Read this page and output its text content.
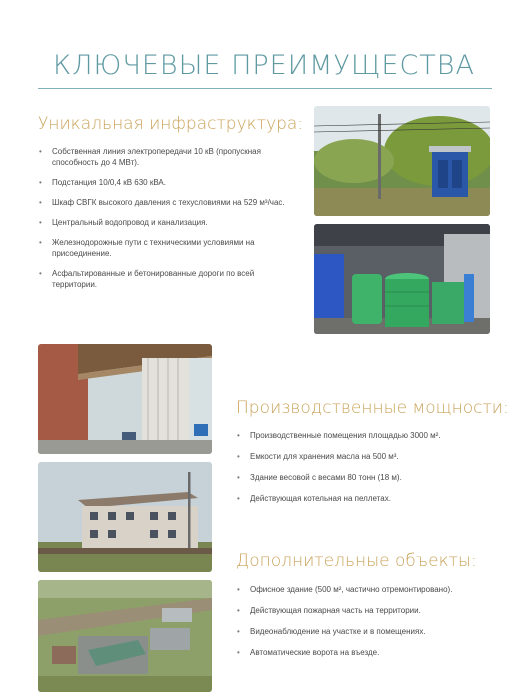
КЛЮЧЕВЫЕ ПРЕИМУЩЕСТВА
Уникальная инфраструктура:
• Собственная линия электропередачи 10 кВ (пропускная способность до 4 МВт).
• Подстанция 10/0,4 кВ 630 кВА.
• Шкаф СВГК высокого давления с техусловиями на 529 м³/час.
• Центральный водопровод и канализация.
• Железнодорожные пути с техническими условиями на присоединение.
• Асфальтированные и бетонированные дороги по всей территории.
Производственные мощности:
• Производственные помещения площадью 3000 м².
• Емкости для хранения масла на 500 м³.
• Здание весовой с весами 80 тонн (18 м).
• Действующая котельная на пеллетах.
Дополнительные объекты:
• Офисное здание (500 м², частично отремонтировано).
• Действующая пожарная часть на территории.
• Видеонаблюдение на участке и в помещениях.
• Автоматические ворота на въезде.
